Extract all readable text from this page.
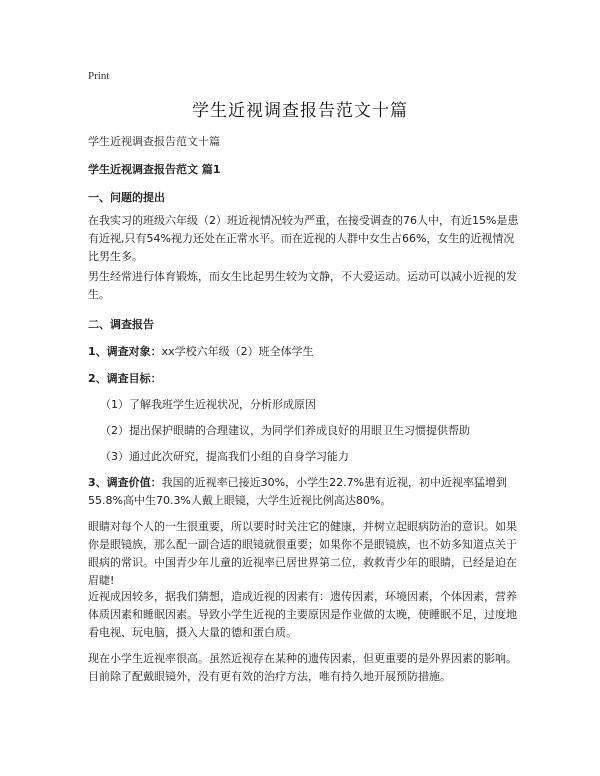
Print
学生近视调查报告范文十篇
学生近视调查报告范文十篇
学生近视调查报告范文 篇1
一、问题的提出
在我实习的班级六年级（2）班近视情况较为严重，在接受调查的76人中，有近15%是患有近视,只有54%视力还处在正常水平。而在近视的人群中女生占66%，女生的近视情况比男生多。
男生经常进行体育锻炼，而女生比起男生较为文静，不大爱运动。运动可以减小近视的发生。
二、调查报告
1、调查对象：xx学校六年级（2）班全体学生
2、调查目标：
（1）了解我班学生近视状况，分析形成原因
（2）提出保护眼睛的合理建议，为同学们养成良好的用眼卫生习惯提供帮助
（3）通过此次研究，提高我们小组的自身学习能力
3、调查价值：我国的近视率已接近30%，小学生22.7%患有近视，初中近视率猛增到55.8%高中生70.3%人戴上眼镜，大学生近视比例高达80%。
眼睛对每个人的一生很重要，所以要时时关注它的健康，并树立起眼病防治的意识。如果你是眼镜族，那么配一副合适的眼镜就很重要；如果你不是眼镜族，也不妨多知道点关于眼病的常识。中国青少年儿童的近视率已居世界第二位，救救青少年的眼睛，已经是迫在眉睫!
近视成因较多，据我们猜想，造成近视的因素有：遗传因素，环境因素，个体因素，营养体质因素和睡眠因素。导致小学生近视的主要原因是作业做的太晚，使睡眠不足，过度地看电视、玩电脑，摄入大量的德和蛋白质。
现在小学生近视率很高。虽然近视存在某种的遗传因素，但更重要的是外界因素的影响。目前除了配戴眼镜外，没有更有效的治疗方法，唯有持久地开展预防措施。
